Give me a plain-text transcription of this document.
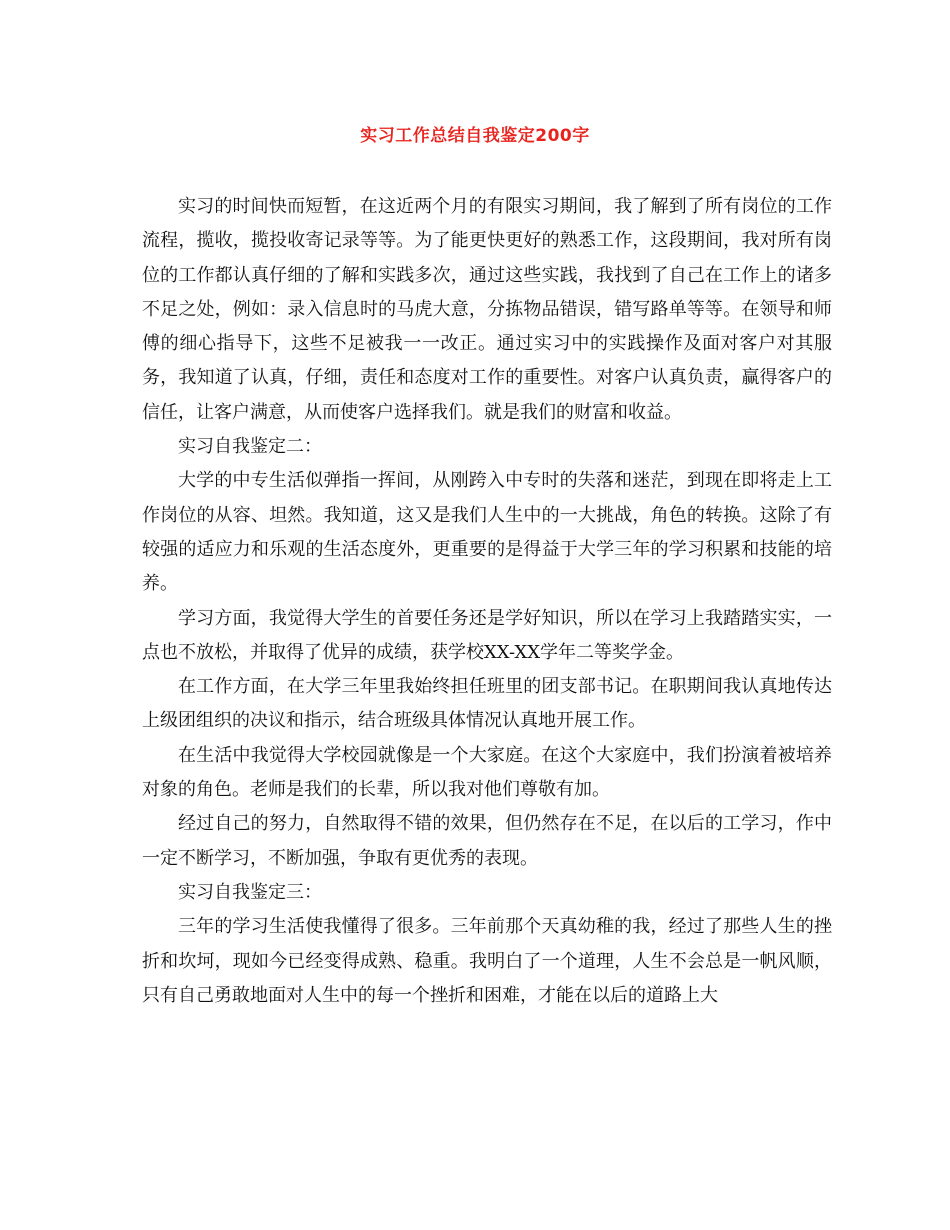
实习工作总结自我鉴定200字

实习的时间快而短暂，在这近两个月的有限实习期间，我了解到了所有岗位的工作流程，揽收，揽投收寄记录等等。为了能更快更好的熟悉工作，这段期间，我对所有岗位的工作都认真仔细的了解和实践多次，通过这些实践，我找到了自己在工作上的诸多不足之处，例如：录入信息时的马虎大意，分拣物品错误，错写路单等等。在领导和师傅的细心指导下，这些不足被我一一改正。通过实习中的实践操作及面对客户对其服务，我知道了认真，仔细，责任和态度对工作的重要性。对客户认真负责，赢得客户的信任，让客户满意，从而使客户选择我们。就是我们的财富和收益。

实习自我鉴定二：

大学的中专生活似弹指一挥间，从刚跨入中专时的失落和迷茫，到现在即将走上工作岗位的从容、坦然。我知道，这又是我们人生中的一大挑战，角色的转换。这除了有较强的适应力和乐观的生活态度外，更重要的是得益于大学三年的学习积累和技能的培养。

学习方面，我觉得大学生的首要任务还是学好知识，所以在学习上我踏踏实实，一点也不放松，并取得了优异的成绩，获学校XX-XX学年二等奖学金。

在工作方面，在大学三年里我始终担任班里的团支部书记。在职期间我认真地传达上级团组织的决议和指示，结合班级具体情况认真地开展工作。

在生活中我觉得大学校园就像是一个大家庭。在这个大家庭中，我们扮演着被培养对象的角色。老师是我们的长辈，所以我对他们尊敬有加。

经过自己的努力，自然取得不错的效果，但仍然存在不足，在以后的工学习，作中一定不断学习，不断加强，争取有更优秀的表现。

实习自我鉴定三：

三年的学习生活使我懂得了很多。三年前那个天真幼稚的我，经过了那些人生的挫折和坎坷，现如今已经变得成熟、稳重。我明白了一个道理，人生不会总是一帆风顺，只有自己勇敢地面对人生中的每一个挫折和困难，才能在以后的道路上大
